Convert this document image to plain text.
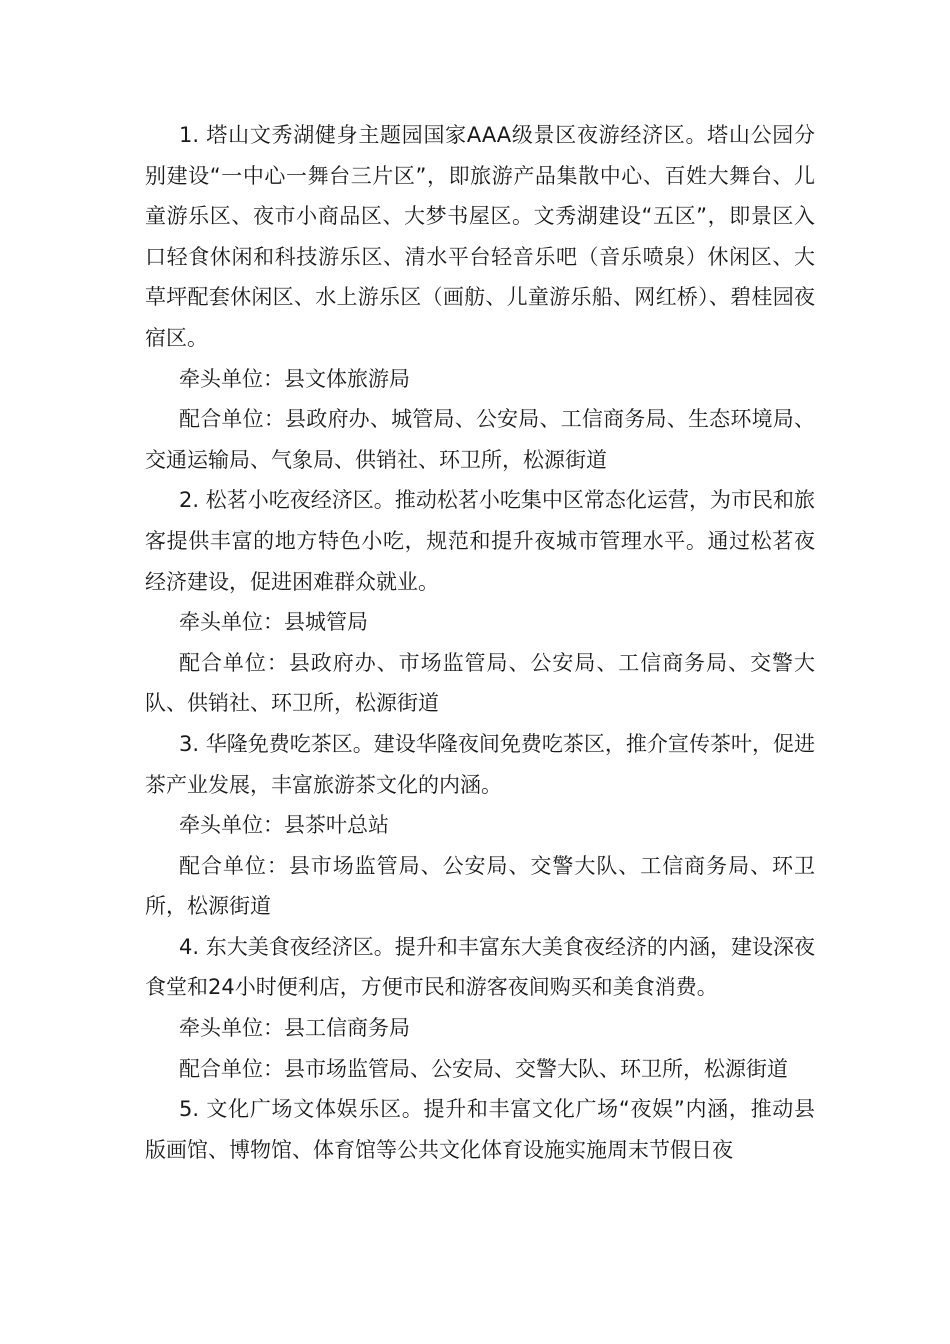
1. 塔山文秀湖健身主题园国家AAA级景区夜游经济区。塔山公园分别建设“一中心一舞台三片区”，即旅游产品集散中心、百姓大舞台、儿童游乐区、夜市小商品区、大梦书屋区。文秀湖建设“五区”，即景区入口轻食休闲和科技游乐区、清水平台轻音乐吧（音乐喷泉）休闲区、大草坪配套休闲区、水上游乐区（画舫、儿童游乐船、网红桥）、碧桂园夜宿区。

牵头单位：县文体旅游局

配合单位：县政府办、城管局、公安局、工信商务局、生态环境局、交通运输局、气象局、供销社、环卫所，松源街道

2. 松茗小吃夜经济区。推动松茗小吃集中区常态化运营，为市民和旅客提供丰富的地方特色小吃，规范和提升夜城市管理水平。通过松茗夜经济建设，促进困难群众就业。

牵头单位：县城管局

配合单位：县政府办、市场监管局、公安局、工信商务局、交警大队、供销社、环卫所，松源街道

3. 华隆免费吃茶区。建设华隆夜间免费吃茶区，推介宣传茶叶，促进茶产业发展，丰富旅游茶文化的内涵。

牵头单位：县茶叶总站

配合单位：县市场监管局、公安局、交警大队、工信商务局、环卫所，松源街道

4. 东大美食夜经济区。提升和丰富东大美食夜经济的内涵，建设深夜食堂和24小时便利店，方便市民和游客夜间购买和美食消费。

牵头单位：县工信商务局

配合单位：县市场监管局、公安局、交警大队、环卫所，松源街道

5. 文化广场文体娱乐区。提升和丰富文化广场“夜娱”内涵，推动县版画馆、博物馆、体育馆等公共文化体育设施实施周末节假日夜
